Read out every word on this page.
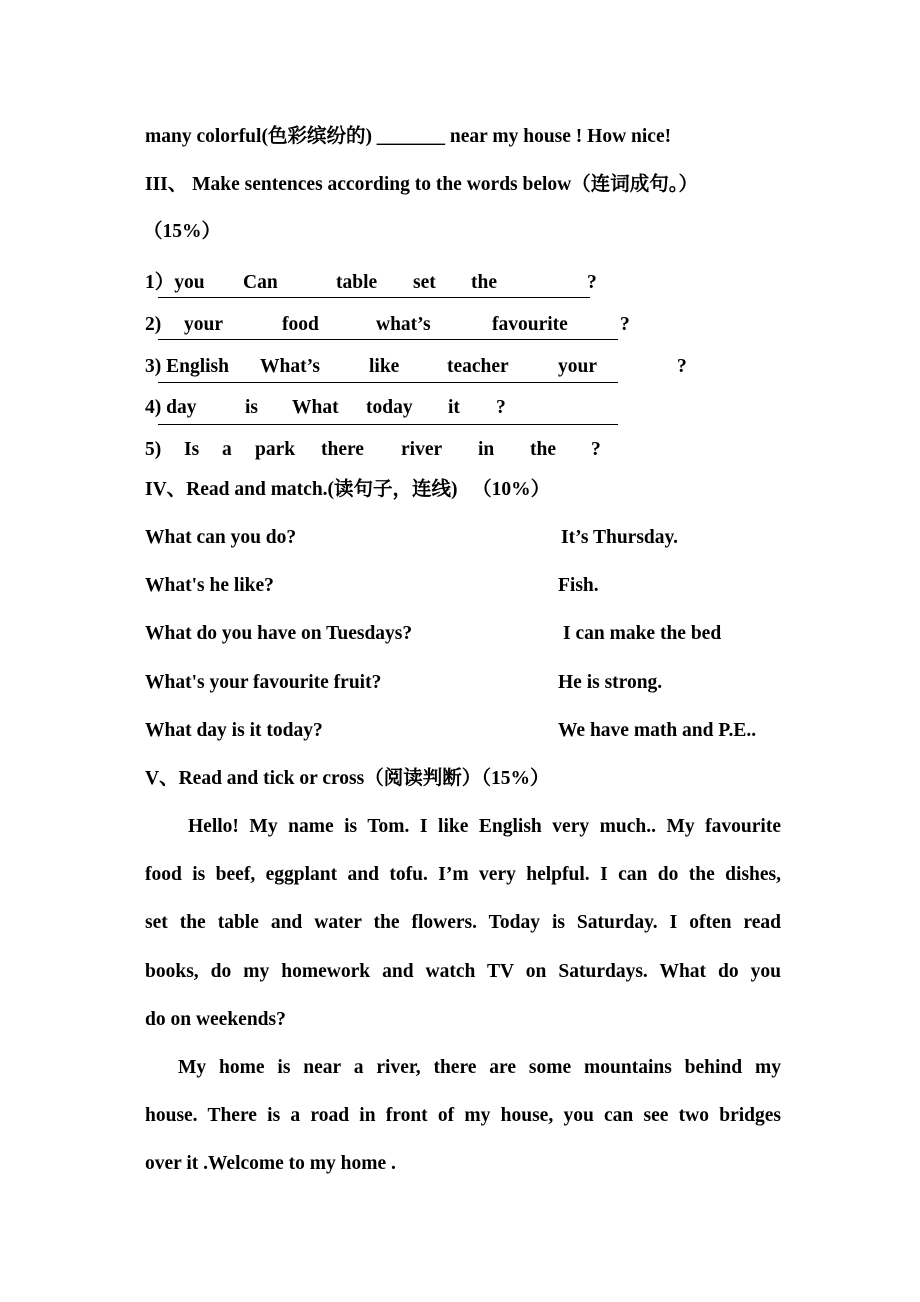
many colorful(色彩缤纷的) _______ near my house ! How nice!
III、 Make sentences according to the words below（连词成句。）
（15%）
1）you Can	table set the	?
2) your	food	what’s	favourite	?
3) English What’s	like teacher	your	?
4) day is What today it ?
5) Is a park there river in the ?
IV、Read and match.(读句子，连线)   （10%）
What can you do?
What's he like?
What do you have on Tuesdays?
What's your favourite fruit?
What day is it today?
It’s Thursday.
Fish.
I can make the bed
He is strong.
We have math and P.E..
V、Read and tick or cross（阅读判断）（15%）
Hello! My name is Tom. I like English very much.. My favourite
food is beef, eggplant and tofu. I’m very helpful. I can do the dishes,
set the table and water the flowers. Today is Saturday. I often read
books, do my homework and watch TV on Saturdays. What do you
do on weekends?
My home is near a river, there are some mountains behind my
house. There is a road in front of my house, you can see two bridges
over it .Welcome to my home .
